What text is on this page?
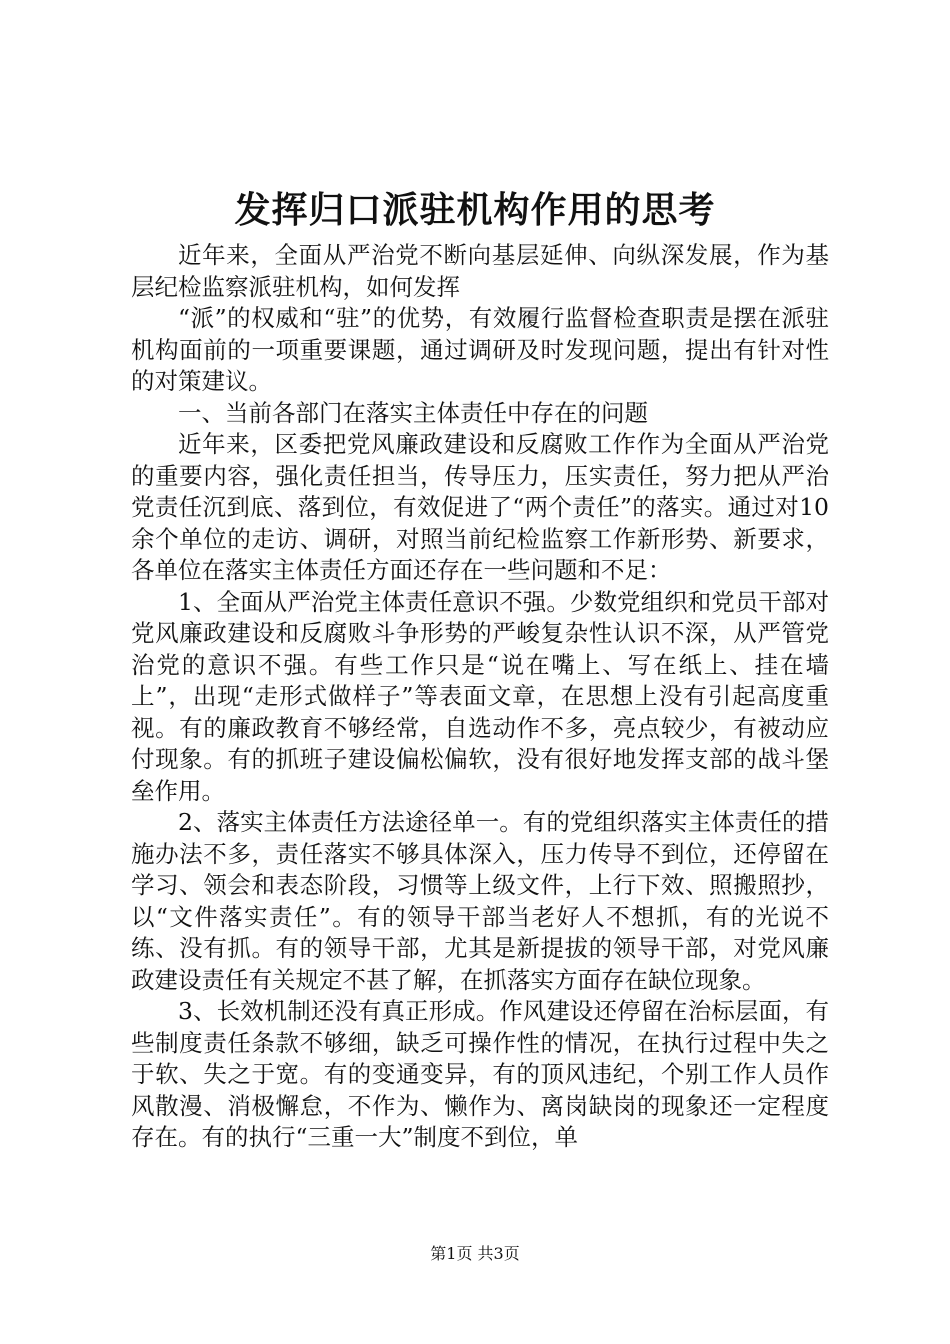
发挥归口派驻机构作用的思考

近年来，全面从严治党不断向基层延伸、向纵深发展，作为基层纪检监察派驻机构，如何发挥

“派”的权威和“驻”的优势，有效履行监督检查职责是摆在派驻机构面前的一项重要课题，通过调研及时发现问题，提出有针对性的对策建议。

一、当前各部门在落实主体责任中存在的问题

近年来，区委把党风廉政建设和反腐败工作作为全面从严治党的重要内容，强化责任担当，传导压力，压实责任，努力把从严治党责任沉到底、落到位，有效促进了“两个责任”的落实。通过对10余个单位的走访、调研，对照当前纪检监察工作新形势、新要求，各单位在落实主体责任方面还存在一些问题和不足：

1、全面从严治党主体责任意识不强。少数党组织和党员干部对党风廉政建设和反腐败斗争形势的严峻复杂性认识不深，从严管党治党的意识不强。有些工作只是“说在嘴上、写在纸上、挂在墙上”，出现“走形式做样子”等表面文章，在思想上没有引起高度重视。有的廉政教育不够经常，自选动作不多，亮点较少，有被动应付现象。有的抓班子建设偏松偏软，没有很好地发挥支部的战斗堡垒作用。

2、落实主体责任方法途径单一。有的党组织落实主体责任的措施办法不多，责任落实不够具体深入，压力传导不到位，还停留在学习、领会和表态阶段，习惯等上级文件，上行下效、照搬照抄，以“文件落实责任”。有的领导干部当老好人不想抓，有的光说不练、没有抓。有的领导干部，尤其是新提拔的领导干部，对党风廉政建设责任有关规定不甚了解，在抓落实方面存在缺位现象。

3、长效机制还没有真正形成。作风建设还停留在治标层面，有些制度责任条款不够细，缺乏可操作性的情况，在执行过程中失之于软、失之于宽。有的变通变异，有的顶风违纪，个别工作人员作风散漫、消极懈怠，不作为、懒作为、离岗缺岗的现象还一定程度存在。有的执行“三重一大”制度不到位，单

第1页 共3页
